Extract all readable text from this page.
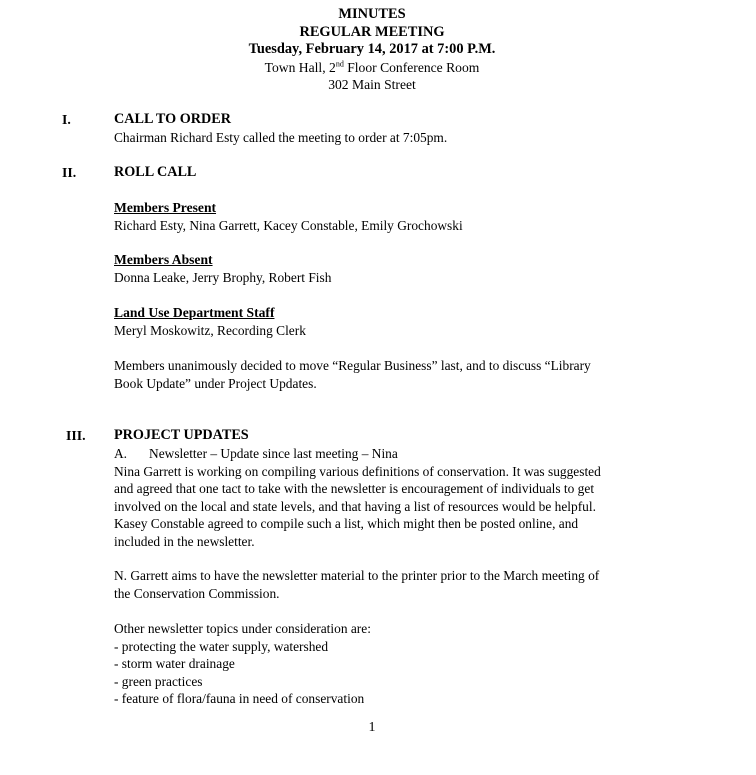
MINUTES
REGULAR MEETING
Tuesday, February 14, 2017 at 7:00 P.M.
Town Hall, 2nd Floor Conference Room
302 Main Street
I.	CALL TO ORDER
Chairman Richard Esty called the meeting to order at 7:05pm.
II.	ROLL CALL
Members Present
Richard Esty, Nina Garrett, Kacey Constable, Emily Grochowski
Members Absent
Donna Leake, Jerry Brophy, Robert Fish
Land Use Department Staff
Meryl Moskowitz, Recording Clerk
Members unanimously decided to move “Regular Business” last, and to discuss “Library
Book Update” under Project Updates.
III. PROJECT UPDATES
A. Newsletter – Update since last meeting – Nina
Nina Garrett is working on compiling various definitions of conservation. It was suggested
and agreed that one tact to take with the newsletter is encouragement of individuals to get
involved on the local and state levels, and that having a list of resources would be helpful.
Kasey Constable agreed to compile such a list, which might then be posted online, and
included in the newsletter.
N. Garrett aims to have the newsletter material to the printer prior to the March meeting of
the Conservation Commission.
Other newsletter topics under consideration are:
- protecting the water supply, watershed
- storm water drainage
- green practices
- feature of flora/fauna in need of conservation
1
